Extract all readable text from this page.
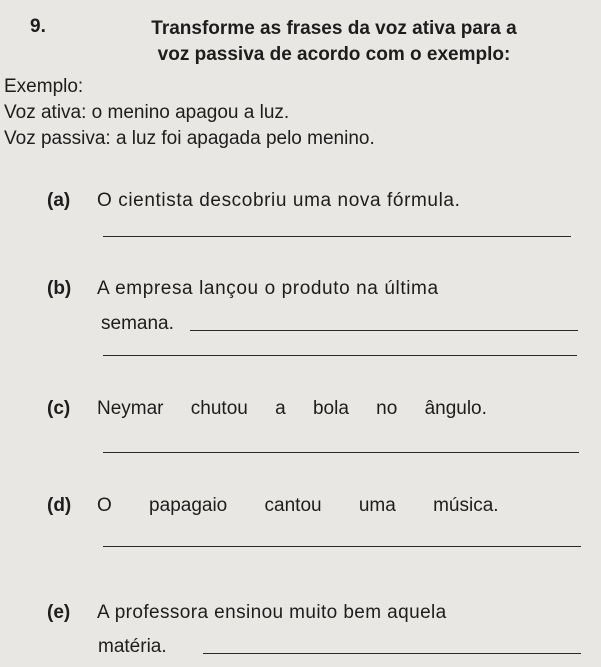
9.	Transforme as frases da voz ativa para a
voz passiva de acordo com o exemplo:
Exemplo:
Voz ativa: o menino apagou a luz.
Voz passiva: a luz foi apagada pelo menino.
(a) O cientista descobriu uma nova fórmula.
(b) A empresa lançou o produto na última
semana.
(c) Neymar chutou a bola no ângulo.
(d) O papagaio cantou uma música.
(e) A professora ensinou muito bem aquela
matéria.
